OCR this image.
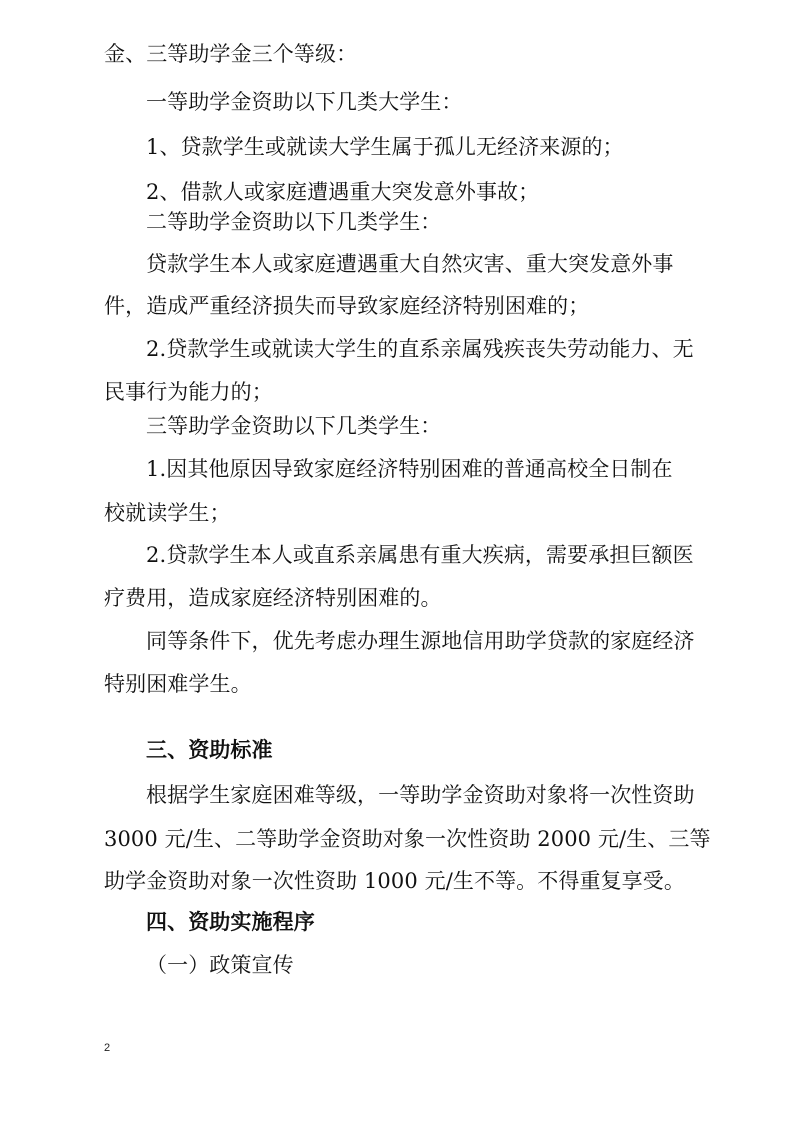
金、三等助学金三个等级：
一等助学金资助以下几类大学生：
1、贷款学生或就读大学生属于孤儿无经济来源的；
2、借款人或家庭遭遇重大突发意外事故；
二等助学金资助以下几类学生：
贷款学生本人或家庭遭遇重大自然灾害、重大突发意外事
件，造成严重经济损失而导致家庭经济特别困难的；
2.贷款学生或就读大学生的直系亲属残疾丧失劳动能力、无
民事行为能力的；
三等助学金资助以下几类学生：
1.因其他原因导致家庭经济特别困难的普通高校全日制在
校就读学生；
2.贷款学生本人或直系亲属患有重大疾病，需要承担巨额医
疗费用，造成家庭经济特别困难的。
同等条件下，优先考虑办理生源地信用助学贷款的家庭经济
特别困难学生。
三、资助标准
根据学生家庭困难等级，一等助学金资助对象将一次性资助
3000 元/生、二等助学金资助对象一次性资助 2000 元/生、三等
助学金资助对象一次性资助 1000 元/生不等。不得重复享受。
四、资助实施程序
（一）政策宣传
2
